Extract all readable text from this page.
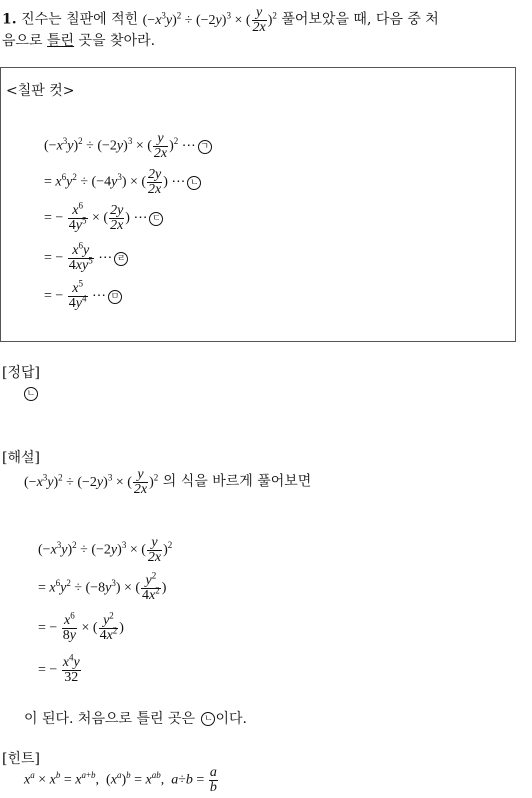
1. 진수는 칠판에 적힌 $(-x^3y)^2 \div (-2y)^3$ × ( $\frac{y}{2x} )^2$ 풀어보았을 때, 다음 중 처
음으로 틀린 곳을 찾아라.
<칠판 컷>
$(-x^3y)^2 \div (-2y)^3$ × ( $\frac{y}{2x} )^2$ ⋯ ㄱ
= $x^6y^2 \div (-4y^3)$ × ( $\frac{2y}{2x}$ ) ⋯ ㄴ
= − $\frac{x^6}{4y^5}$ × ( $\frac{2y}{2x}$ ) ⋯ ㄷ
= − $\frac{x^6y}{4xy^5}$ ⋯ ㄹ
= − $\frac{x^5}{4y^4}$ ⋯ ㅁ
[정답]
ㄴ
[해설]
$(-x^3y)^2 \div (-2y)^3$ × ( $\frac{y}{2x} )^2$ 의 식을 바르게 풀어보면
$(-x^3y)^2 \div (-2y)^3$ × ( $\frac{y}{2x} )^2$
= $x^6y^2 \div (-8y^3)$ × ( $\frac{y^2}{4x^2}$ )
= − $\frac{x^6}{8y}$ × ( $\frac{y^2}{4x^2}$ )
= − $\frac{x^4y}{32}$
이 된다. 처음으로 틀린 곳은 ㄴ 이다.
[힌트]
$x^a \times x^b = x^{a+b}$,  $(x^a)^b = x^{ab}$,  $a\div b = \frac{a}{b}$
